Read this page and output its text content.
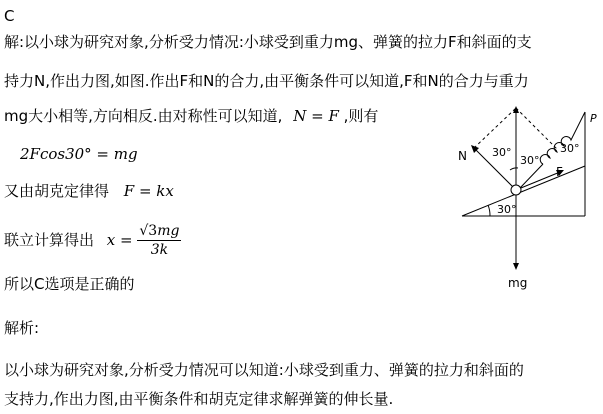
C
解:以小球为研究对象,分析受力情况:小球受到重力mg、弹簧的拉力F和斜面的支
持力N,作出力图,如图.作出F和N的合力,由平衡条件可以知道,F和N的合力与重力
mg大小相等,方向相反.由对称性可以知道, N = F ,则有
2Fcos30° = mg
又由胡克定律得 F = kx
联立计算得出 $x = \frac{√3mg}{3k}$
所以C选项是正确的
解析:
以小球为研究对象,分析受力情况可以知道:小球受到重力、弹簧的拉力和斜面的
支持力,作出力图,由平衡条件和胡克定律求解弹簧的伸长量.
30°
N
F
P
30°
30°
30°
mg
